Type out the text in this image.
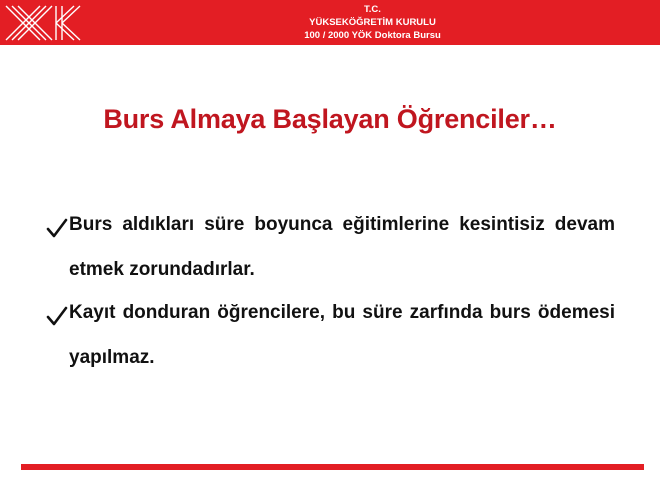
T.C.
YÜKSEKÖĞRETİM KURULU
100 / 2000 YÖK Doktora Bursu
Burs Almaya Başlayan Öğrenciler…
Burs aldıkları süre boyunca eğitimlerine kesintisiz devam etmek zorundadırlar.
Kayıt donduran öğrencilere, bu süre zarfında burs ödemesi yapılmaz.
